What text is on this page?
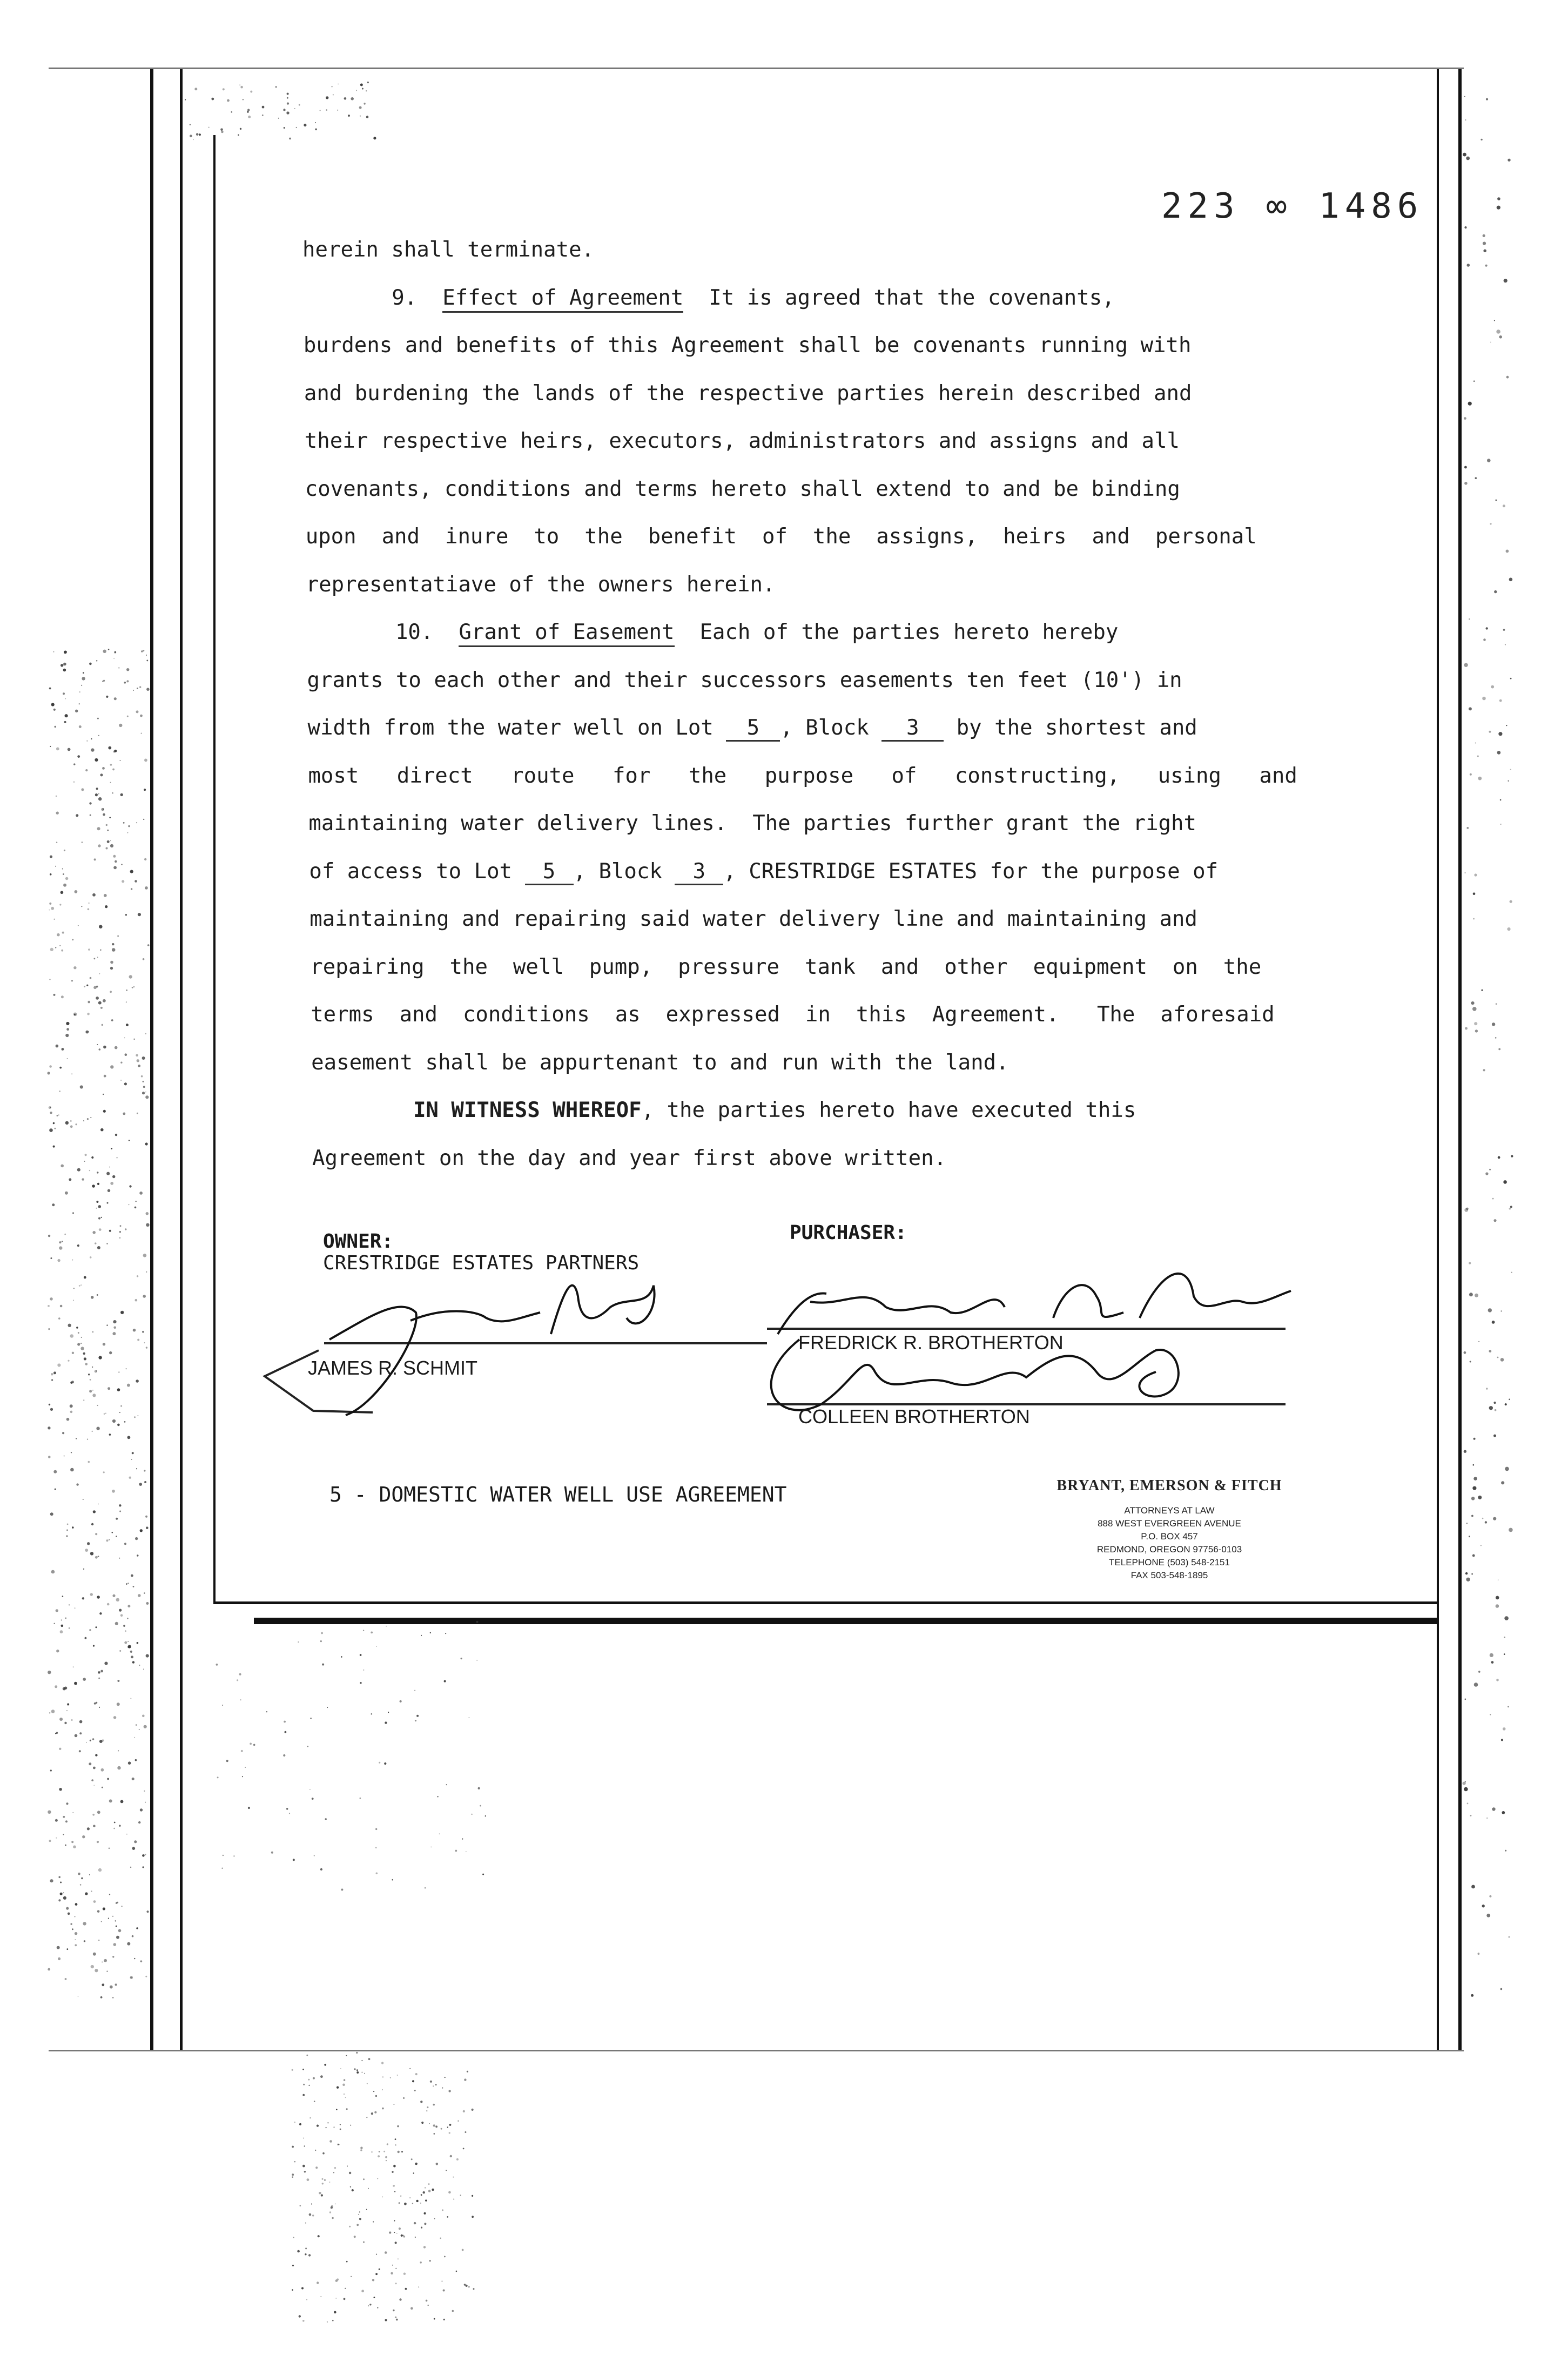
223 ∞ 1486
herein shall terminate.
9.  Effect of Agreement  It is agreed that the covenants,
burdens and benefits of this Agreement shall be covenants running with
and burdening the lands of the respective parties herein described and
their respective heirs, executors, administrators and assigns and all
covenants, conditions and terms hereto shall extend to and be binding
upon  and  inure  to  the  benefit  of  the  assigns,  heirs  and  personal
representatiave of the owners herein.
10.  Grant of Easement  Each of the parties hereto hereby
grants to each other and their successors easements ten feet (10') in
width from the water well on Lot 5 , Block 3 by the shortest and
most   direct   route   for   the   purpose   of   constructing,   using   and
maintaining water delivery lines.  The parties further grant the right
of access to Lot 5 , Block 3 , CRESTRIDGE ESTATES for the purpose of
maintaining and repairing said water delivery line and maintaining and
repairing  the  well  pump,  pressure  tank  and  other  equipment  on  the
terms  and  conditions  as  expressed  in  this  Agreement.   The  aforesaid
easement shall be appurtenant to and run with the land.
IN WITNESS WHEREOF, the parties hereto have executed this
Agreement on the day and year first above written.
OWNER:
CRESTRIDGE ESTATES PARTNERS
PURCHASER:
JAMES R. SCHMIT
FREDRICK R. BROTHERTON
COLLEEN BROTHERTON
5 - DOMESTIC WATER WELL USE AGREEMENT	BRYANT, EMERSON & FITCH
ATTORNEYS AT LAW
888 WEST EVERGREEN AVENUE
P.O. BOX 457
REDMOND, OREGON 97756-0103
TELEPHONE (503) 548-2151
FAX 503-548-1895
